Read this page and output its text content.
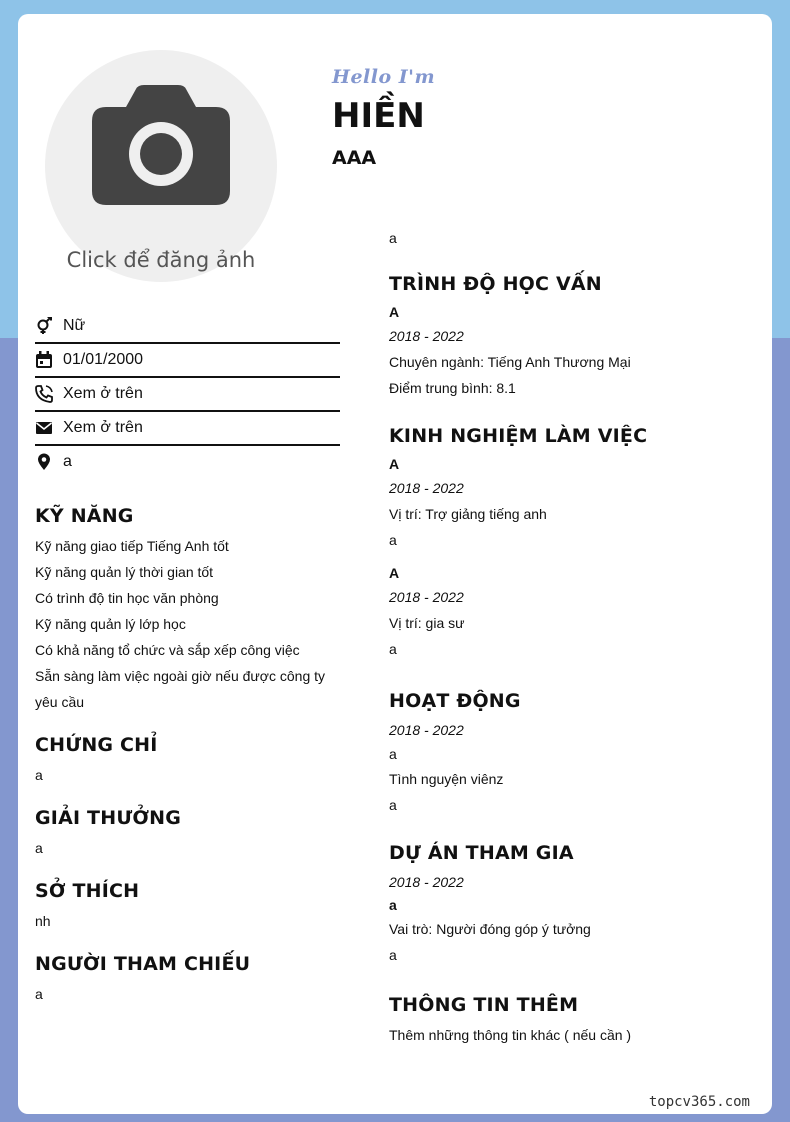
Click để đăng ảnh
Hello I'm
HIỀN
AAA
Nữ
01/01/2000
Xem ở trên
Xem ở trên
a
KỸ NĂNG
Kỹ năng giao tiếp Tiếng Anh tốt
Kỹ năng quản lý thời gian tốt
Có trình độ tin học văn phòng
Kỹ năng quản lý lớp học
Có khả năng tổ chức và sắp xếp công việc
Sẵn sàng làm việc ngoài giờ nếu được công ty yêu cầu
CHỨNG CHỈ
a
GIẢI THƯỞNG
a
SỞ THÍCH
nh
NGƯỜI THAM CHIẾU
a
a
TRÌNH ĐỘ HỌC VẤN
A
2018 - 2022
Chuyên ngành: Tiếng Anh Thương Mại
Điểm trung bình: 8.1
KINH NGHIỆM LÀM VIỆC
A
2018 - 2022
Vị trí: Trợ giảng tiếng anh
a
A
2018 - 2022
Vị trí: gia sư
a
HOẠT ĐỘNG
2018 - 2022
a
Tình nguyện viênz
a
DỰ ÁN THAM GIA
2018 - 2022
a
Vai trò: Người đóng góp ý tưởng
a
THÔNG TIN THÊM
Thêm những thông tin khác ( nếu cần )
topcv365.com
